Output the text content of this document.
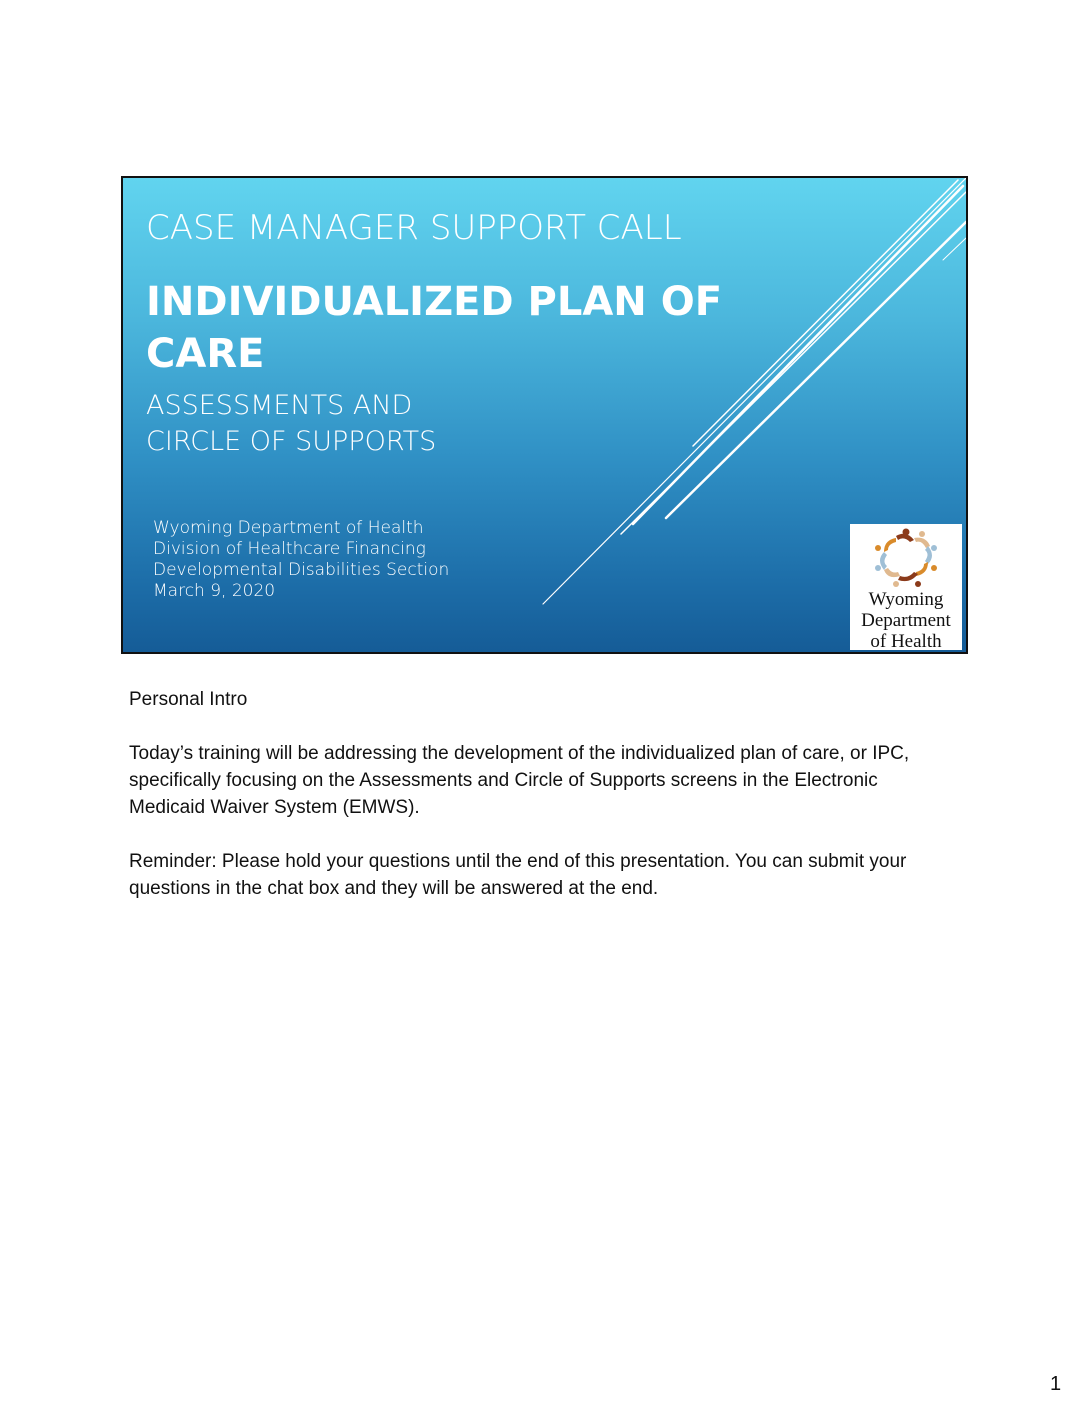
CASE MANAGER SUPPORT CALL
INDIVIDUALIZED PLAN OF
CARE
ASSESSMENTS AND
CIRCLE OF SUPPORTS
Wyoming Department of Health
Division of Healthcare Financing
Developmental Disabilities Section
March 9, 2020	Wyoming
Department
of Health

Personal Intro

Today’s training will be addressing the development of the individualized plan of care, or IPC, specifically focusing on the Assessments and Circle of Supports screens in the Electronic Medicaid Waiver System (EMWS).

Reminder: Please hold your questions until the end of this presentation. You can submit your questions in the chat box and they will be answered at the end.

1
